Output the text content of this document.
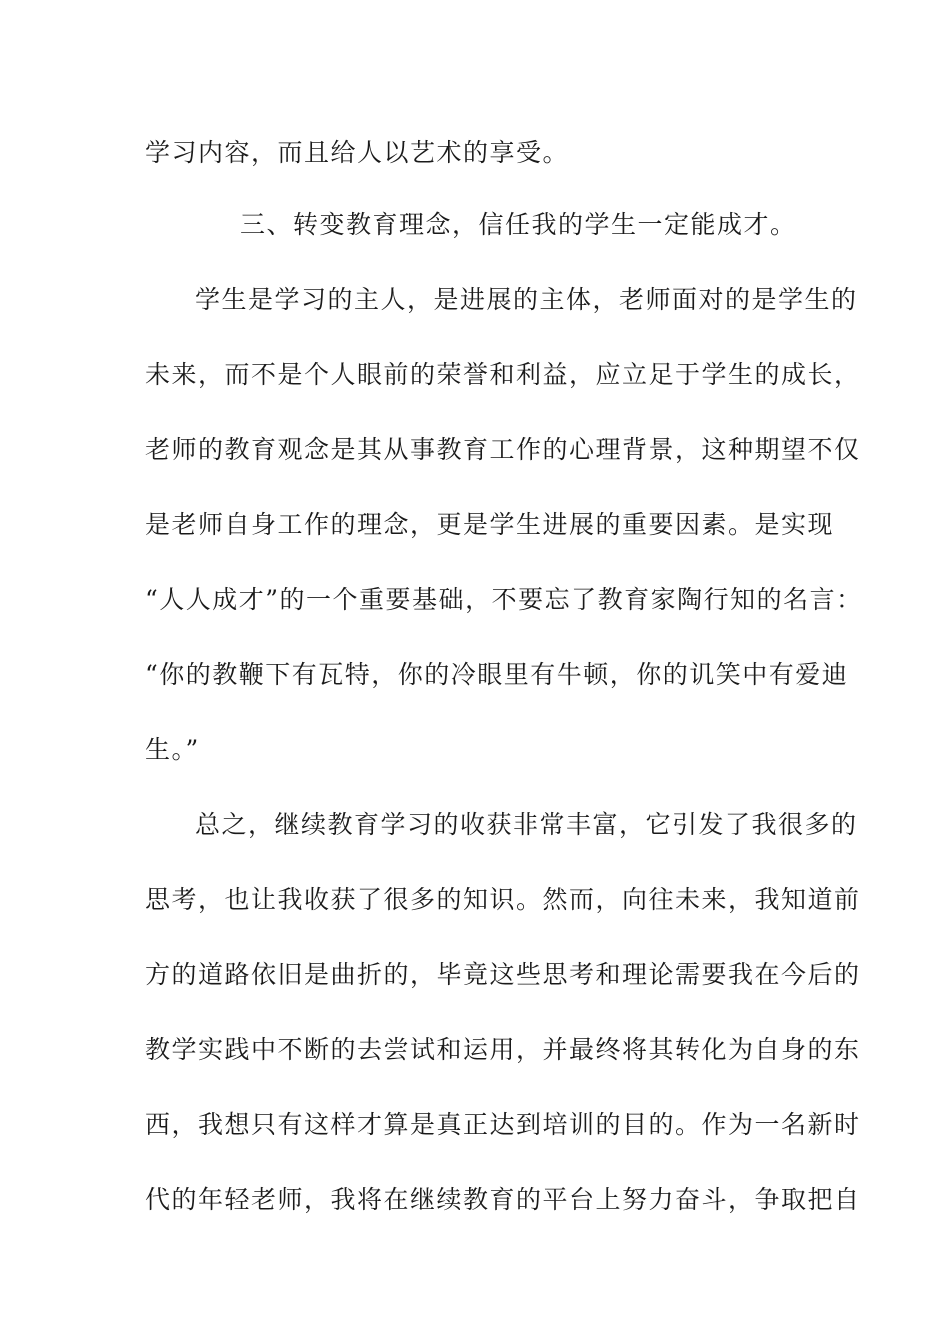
学习内容，而且给人以艺术的享受。
三、转变教育理念，信任我的学生一定能成才。
学生是学习的主人，是进展的主体，老师面对的是学生的
未来，而不是个人眼前的荣誉和利益，应立足于学生的成长，
老师的教育观念是其从事教育工作的心理背景，这种期望不仅
是老师自身工作的理念，更是学生进展的重要因素。是实现
“人人成才”的一个重要基础，不要忘了教育家陶行知的名言：
“你的教鞭下有瓦特，你的冷眼里有牛顿，你的讥笑中有爱迪
生。”
总之，继续教育学习的收获非常丰富，它引发了我很多的
思考，也让我收获了很多的知识。然而，向往未来，我知道前
方的道路依旧是曲折的，毕竟这些思考和理论需要我在今后的
教学实践中不断的去尝试和运用，并最终将其转化为自身的东
西，我想只有这样才算是真正达到培训的目的。作为一名新时
代的年轻老师，我将在继续教育的平台上努力奋斗，争取把自
